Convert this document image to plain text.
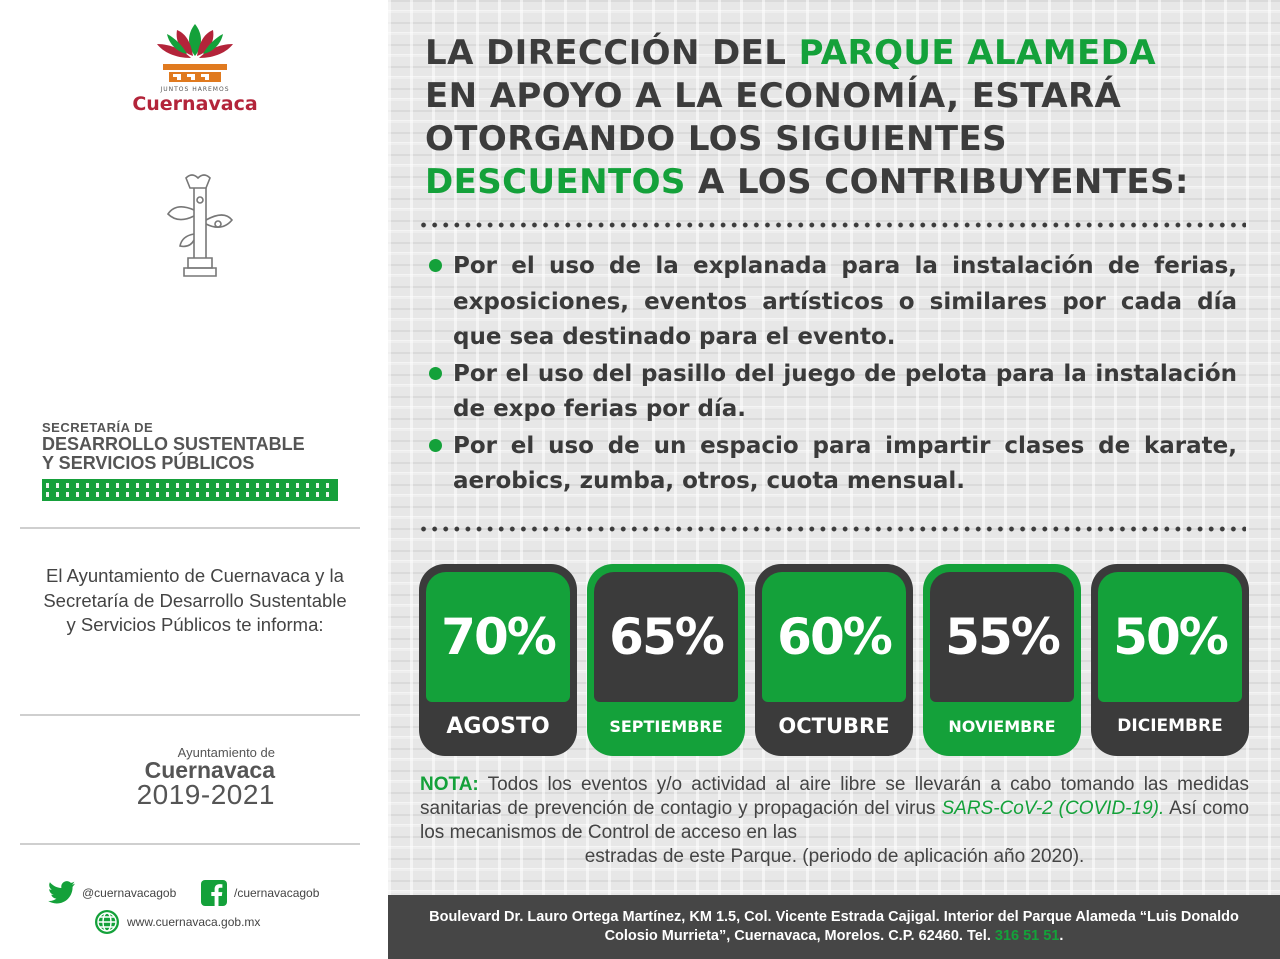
JUNTOS HAREMOS
Cuernavaca
SECRETARÍA DE
DESARROLLO SUSTENTABLE
Y SERVICIOS PÚBLICOS
El Ayuntamiento de Cuernavaca y la Secretaría de Desarrollo Sustentable y Servicios Públicos te informa:
Ayuntamiento de
Cuernavaca
2019-2021
@cuernavacagob	/cuernavacagob
www.cuernavaca.gob.mx
LA DIRECCIÓN DEL PARQUE ALAMEDA
EN APOYO A LA ECONOMÍA, ESTARÁ
OTORGANDO LOS SIGUIENTES
DESCUENTOS A LOS CONTRIBUYENTES:
Por el uso de la explanada para la instalación de ferias, exposiciones, eventos artísticos o similares por cada día que sea destinado para el evento.
Por el uso del pasillo del juego de pelota para la instalación de expo ferias por día.
Por el uso de un espacio para impartir clases de karate, aerobics, zumba, otros, cuota mensual.
70%
AGOSTO
65%
SEPTIEMBRE
60%
OCTUBRE
55%
NOVIEMBRE
50%
DICIEMBRE
NOTA: Todos los eventos y/o actividad al aire libre se llevarán a cabo tomando las medidas sanitarias de prevención de contagio y propagación del virus SARS-CoV-2 (COVID-19). Así como los mecanismos de Control de acceso en las
estradas de este Parque. (periodo de aplicación año 2020).
Boulevard Dr. Lauro Ortega Martínez, KM 1.5, Col. Vicente Estrada Cajigal. Interior del Parque Alameda “Luis Donaldo Colosio Murrieta”, Cuernavaca, Morelos. C.P. 62460. Tel. 316 51 51.
